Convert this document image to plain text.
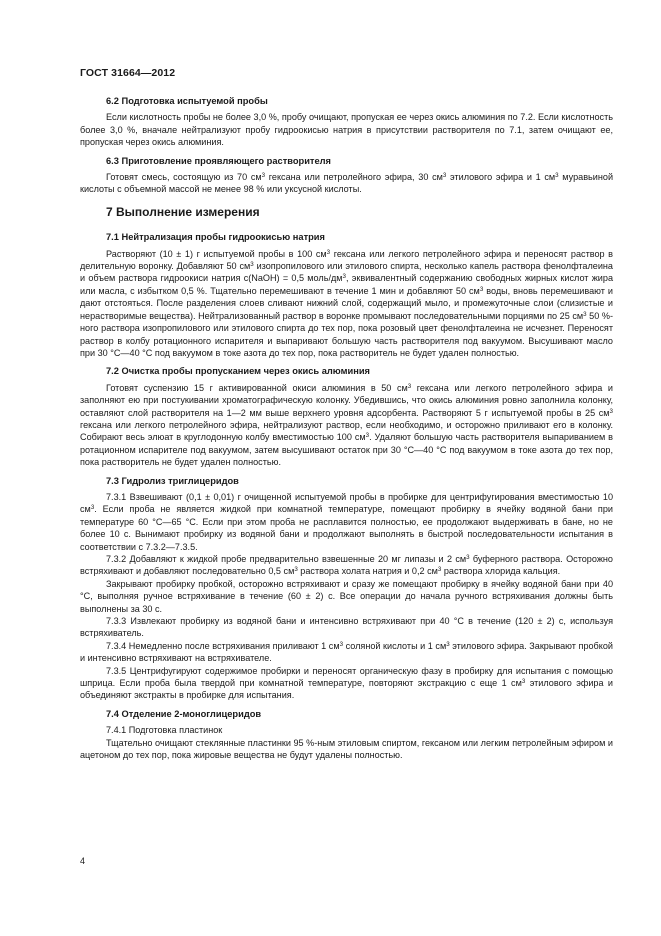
ГОСТ 31664—2012
6.2 Подготовка испытуемой пробы

Если кислотность пробы не более 3,0 %, пробу очищают, пропуская ее через окись алюминия по 7.2. Если кислотность более 3,0 %, вначале нейтрализуют пробу гидроокисью натрия в присутствии растворителя по 7.1, затем очищают ее, пропуская через окись алюминия.

6.3 Приготовление проявляющего растворителя

Готовят смесь, состоящую из 70 $см^3$ гексана или петролейного эфира, 30 $см^3$ этилового эфира и 1 $см^3$ муравьиной кислоты с объемной массой не менее 98 % или уксусной кислоты.

7 Выполнение измерения
7.1 Нейтрализация пробы гидроокисью натрия

Растворяют (10 ± 1) г испытуемой пробы в 100 $см^3$ гексана или легкого петролейного эфира и переносят раствор в делительную воронку. Добавляют 50 $см^3$ изопропилового или этилового спирта, несколько капель раствора фенолфталеина и объем раствора гидроокиси натрия c(NaOH) = 0,5 моль/$дм^3$, эквивалентный содержанию свободных жирных кислот жира или масла, с избытком 0,5 %. Тщательно перемешивают в течение 1 мин и добавляют 50 $см^3$ воды, вновь перемешивают и дают отстояться. После разделения слоев сливают нижний слой, содержащий мыло, и промежуточные слои (слизистые и нерастворимые вещества). Нейтрализованный раствор в воронке промывают последовательными порциями по 25 $см^3$ 50 %-ного раствора изопропилового или этилового спирта до тех пор, пока розовый цвет фенолфталеина не исчезнет. Переносят раствор в колбу ротационного испарителя и выпаривают большую часть растворителя под вакуумом. Высушивают масло при 30 °С—40 °С под вакуумом в токе азота до тех пор, пока растворитель не будет удален полностью.

7.2 Очистка пробы пропусканием через окись алюминия

Готовят суспензию 15 г активированной окиси алюминия в 50 $см^3$ гексана или легкого петролейного эфира и заполняют ею при постукивании хроматографическую колонку. Убедившись, что окись алюминия ровно заполнила колонку, оставляют слой растворителя на 1—2 мм выше верхнего уровня адсорбента. Растворяют 5 г испытуемой пробы в 25 $см^3$ гексана или легкого петролейного эфира, нейтрализуют раствор, если необходимо, и осторожно приливают его в колонку. Собирают весь элюат в круглодонную колбу вместимостью 100 $см^3$. Удаляют большую часть растворителя выпариванием в ротационном испарителе под вакуумом, затем высушивают остаток при 30 °С—40 °С под вакуумом в токе азота до тех пор, пока растворитель не будет удален полностью.

7.3 Гидролиз триглицеридов

7.3.1 Взвешивают (0,1 ± 0,01) г очищенной испытуемой пробы в пробирке для центрифугирования вместимостью 10 $см^3$. Если проба не является жидкой при комнатной температуре, помещают пробирку в ячейку водяной бани при температуре 60 °С—65 °С. Если при этом проба не расплавится полностью, ее продолжают выдерживать в бане, но не более 10 с. Вынимают пробирку из водяной бани и продолжают выполнять в быстрой последовательности испытания в соответствии с 7.3.2—7.3.5.

7.3.2 Добавляют к жидкой пробе предварительно взвешенные 20 мг липазы и 2 $см^3$ буферного раствора. Осторожно встряхивают и добавляют последовательно 0,5 $см^3$ раствора холата натрия и 0,2 $см^3$ раствора хлорида кальция.

Закрывают пробирку пробкой, осторожно встряхивают и сразу же помещают пробирку в ячейку водяной бани при 40 °С, выполняя ручное встряхивание в течение (60 ± 2) с. Все операции до начала ручного встряхивания должны быть выполнены за 30 с.

7.3.3 Извлекают пробирку из водяной бани и интенсивно встряхивают при 40 °С в течение (120 ± 2) с, используя встряхиватель.

7.3.4 Немедленно после встряхивания приливают 1 $см^3$ соляной кислоты и 1 $см^3$ этилового эфира. Закрывают пробкой и интенсивно встряхивают на встряхивателе.

7.3.5 Центрифугируют содержимое пробирки и переносят органическую фазу в пробирку для испытания с помощью шприца. Если проба была твердой при комнатной температуре, повторяют экстракцию с еще 1 $см^3$ этилового эфира и объединяют экстракты в пробирке для испытания.

7.4 Отделение 2-моноглицеридов

7.4.1 Подготовка пластинок

Тщательно очищают стеклянные пластинки 95 %-ным этиловым спиртом, гексаном или легким петролейным эфиром и ацетоном до тех пор, пока жировые вещества не будут удалены полностью.

4
